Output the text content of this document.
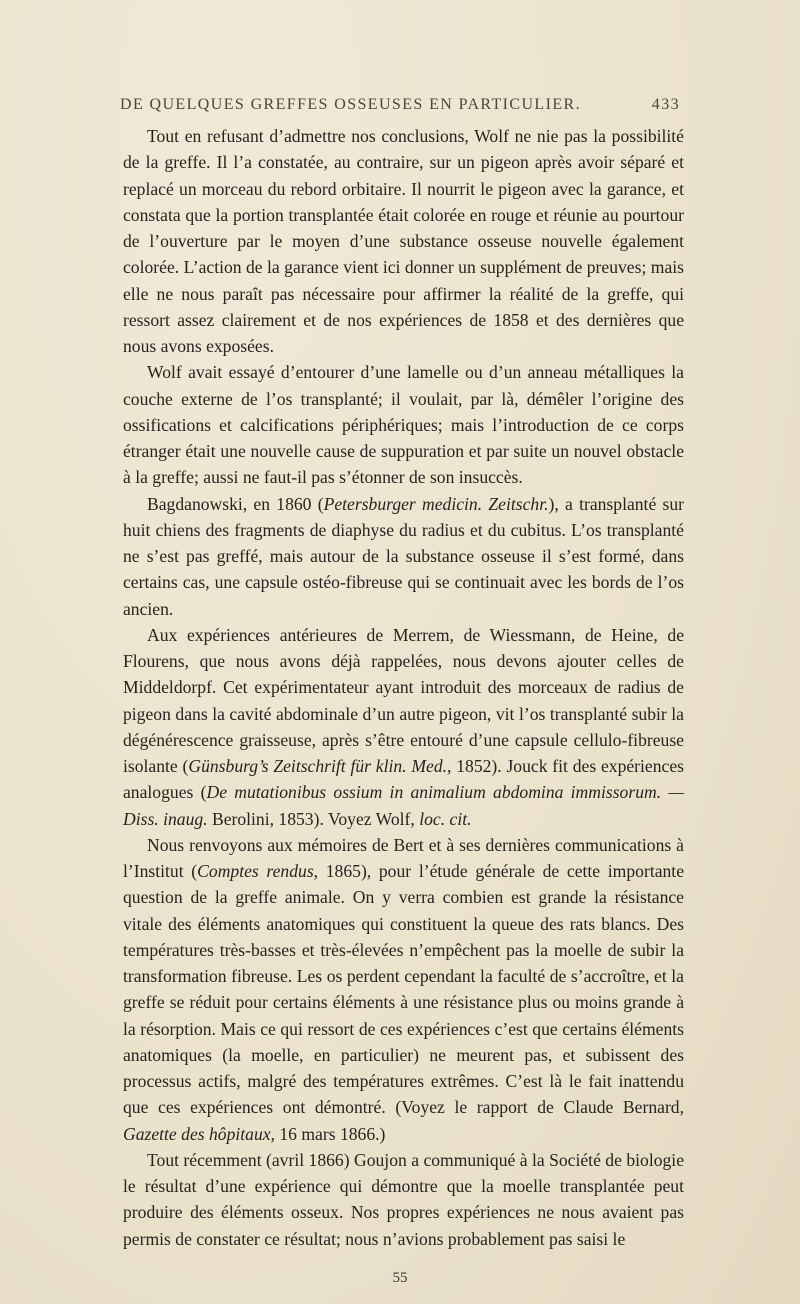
DE QUELQUES GREFFES OSSEUSES EN PARTICULIER.	433

Tout en refusant d’admettre nos conclusions, Wolf ne nie pas la possibilité de la greffe. Il l’a constatée, au contraire, sur un pigeon après avoir séparé et replacé un morceau du rebord orbitaire. Il nourrit le pigeon avec la garance, et constata que la portion transplantée était colorée en rouge et réunie au pourtour de l’ouverture par le moyen d’une substance osseuse nouvelle également colorée. L’action de la garance vient ici donner un supplément de preuves; mais elle ne nous paraît pas nécessaire pour affirmer la réalité de la greffe, qui ressort assez clairement et de nos expériences de 1858 et des dernières que nous avons exposées.

Wolf avait essayé d’entourer d’une lamelle ou d’un anneau métalliques la couche externe de l’os transplanté; il voulait, par là, démêler l’origine des ossifications et calcifications périphériques; mais l’introduction de ce corps étranger était une nouvelle cause de suppuration et par suite un nouvel obstacle à la greffe; aussi ne faut-il pas s’étonner de son insuccès.

Bagdanowski, en 1860 (Petersburger medicin. Zeitschr.), a transplanté sur huit chiens des fragments de diaphyse du radius et du cubitus. L’os transplanté ne s’est pas greffé, mais autour de la substance osseuse il s’est formé, dans certains cas, une capsule ostéo-fibreuse qui se continuait avec les bords de l’os ancien.

Aux expériences antérieures de Merrem, de Wiessmann, de Heine, de Flourens, que nous avons déjà rappelées, nous devons ajouter celles de Middeldorpf. Cet expérimentateur ayant introduit des morceaux de radius de pigeon dans la cavité abdominale d’un autre pigeon, vit l’os transplanté subir la dégénérescence graisseuse, après s’être entouré d’une capsule cellulo-fibreuse isolante (Günsburg’s Zeitschrift für klin. Med., 1852). Jouck fit des expériences analogues (De mutationibus ossium in animalium abdomina immissorum. — Diss. inaug. Berolini, 1853). Voyez Wolf, loc. cit.

Nous renvoyons aux mémoires de Bert et à ses dernières communications à l’Institut (Comptes rendus, 1865), pour l’étude générale de cette importante question de la greffe animale. On y verra combien est grande la résistance vitale des éléments anatomiques qui constituent la queue des rats blancs. Des températures très-basses et très-élevées n’empêchent pas la moelle de subir la transformation fibreuse. Les os perdent cependant la faculté de s’accroître, et la greffe se réduit pour certains éléments à une résistance plus ou moins grande à la résorption. Mais ce qui ressort de ces expériences c’est que certains éléments anatomiques (la moelle, en particulier) ne meurent pas, et subissent des processus actifs, malgré des températures extrêmes. C’est là le fait inattendu que ces expériences ont démontré. (Voyez le rapport de Claude Bernard, Gazette des hôpitaux, 16 mars 1866.)

Tout récemment (avril 1866) Goujon a communiqué à la Société de biologie le résultat d’une expérience qui démontre que la moelle transplantée peut produire des éléments osseux. Nos propres expériences ne nous avaient pas permis de constater ce résultat; nous n’avions probablement pas saisi le

55
